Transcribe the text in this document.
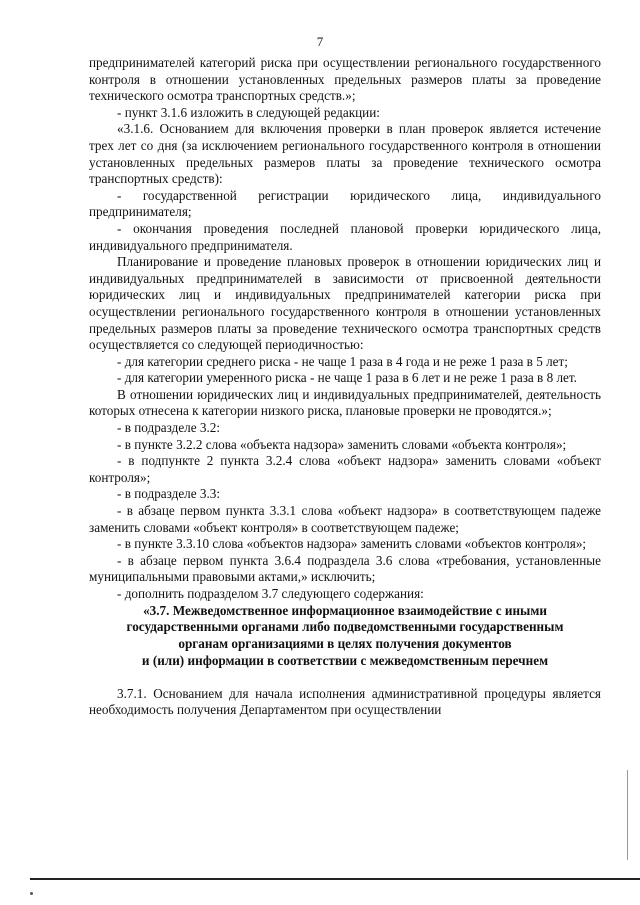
7

предпринимателей категорий риска при осуществлении регионального государственного контроля в отношении установленных предельных размеров платы за проведение технического осмотра транспортных средств.»;

- пункт 3.1.6 изложить в следующей редакции:

«3.1.6. Основанием для включения проверки в план проверок является истечение трех лет со дня (за исключением регионального государственного контроля в отношении установленных предельных размеров платы за проведение технического осмотра транспортных средств):

- государственной регистрации юридического лица, индивидуального предпринимателя;

- окончания проведения последней плановой проверки юридического лица, индивидуального предпринимателя.

Планирование и проведение плановых проверок в отношении юридических лиц и индивидуальных предпринимателей в зависимости от присвоенной деятельности юридических лиц и индивидуальных предпринимателей категории риска при осуществлении регионального государственного контроля в отношении установленных предельных размеров платы за проведение технического осмотра транспортных средств осуществляется со следующей периодичностью:

- для категории среднего риска - не чаще 1 раза в 4 года и не реже 1 раза в 5 лет;

- для категории умеренного риска - не чаще 1 раза в 6 лет и не реже 1 раза в 8 лет.

В отношении юридических лиц и индивидуальных предпринимателей, деятельность которых отнесена к категории низкого риска, плановые проверки не проводятся.»;

- в подразделе 3.2:

- в пункте 3.2.2 слова «объекта надзора» заменить словами «объекта контроля»;

- в подпункте 2 пункта 3.2.4 слова «объект надзора» заменить словами «объект контроля»;

- в подразделе 3.3:

- в абзаце первом пункта 3.3.1 слова «объект надзора» в соответствующем падеже заменить словами «объект контроля» в соответствующем падеже;

- в пункте 3.3.10 слова «объектов надзора» заменить словами «объектов контроля»;

- в абзаце первом пункта 3.6.4 подраздела 3.6 слова «требования, установленные муниципальными правовыми актами,» исключить;

- дополнить подразделом 3.7 следующего содержания:

«3.7. Межведомственное информационное взаимодействие с иными

государственными органами либо подведомственными государственным

органам организациями в целях получения документов

и (или) информации в соответствии с межведомственным перечнем

3.7.1. Основанием для начала исполнения административной процедуры является необходимость получения Департаментом при осуществлении
